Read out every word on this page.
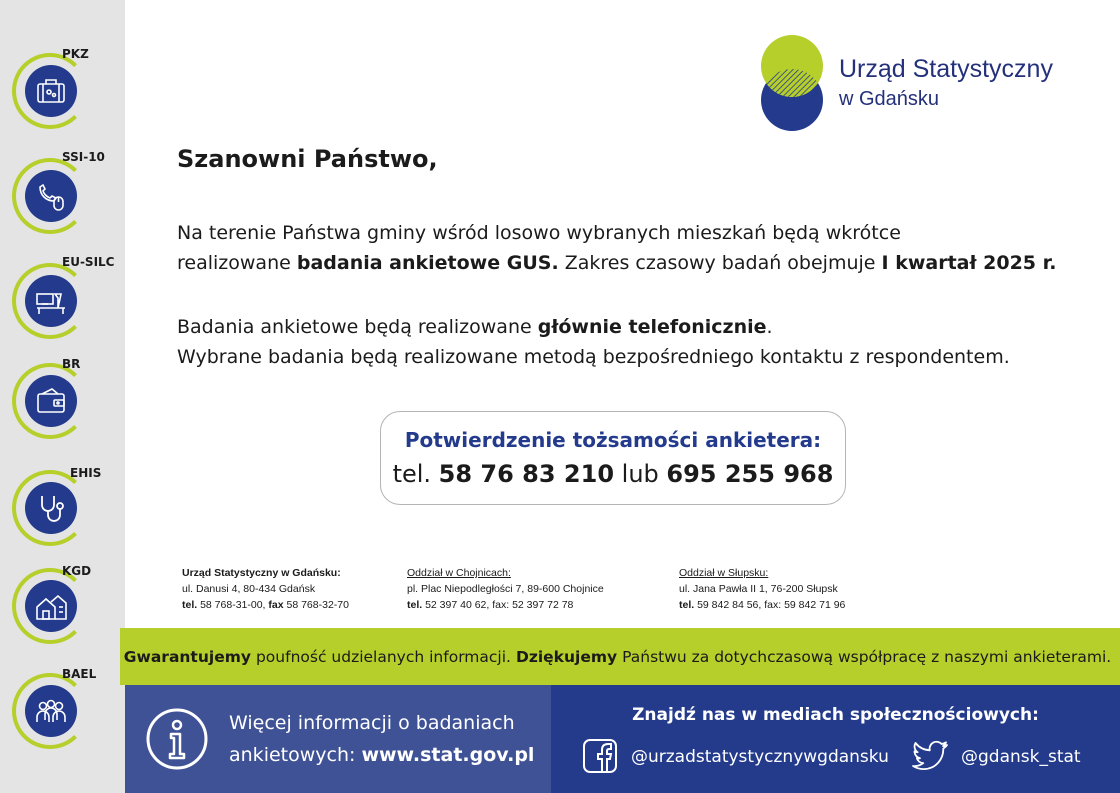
PKZ
SSI-10
EU-SILC
BR
EHIS
KGD
BAEL
Urząd Statystyczny
w Gdańsku
Szanowni Państwo,
Na terenie Państwa gminy wśród losowo wybranych mieszkań będą wkrótce
realizowane badania ankietowe GUS. Zakres czasowy badań obejmuje I kwartał 2025 r.
Badania ankietowe będą realizowane głównie telefonicznie.
Wybrane badania będą realizowane metodą bezpośredniego kontaktu z respondentem.
Potwierdzenie tożsamości ankietera:
tel. 58 76 83 210 lub 695 255 968
Urząd Statystyczny w Gdańsku:
ul. Danusi 4, 80-434 Gdańsk
tel. 58 768-31-00, fax 58 768-32-70
Oddział w Chojnicach:
pl. Plac Niepodległości 7, 89-600 Chojnice
tel. 52 397 40 62, fax: 52 397 72 78
Oddział w Słupsku:
ul. Jana Pawła II 1, 76-200 Słupsk
tel. 59 842 84 56, fax: 59 842 71 96
Gwarantujemy poufność udzielanych informacji. Dziękujemy Państwu za dotychczasową współpracę z naszymi ankieterami.
Więcej informacji o badaniach
ankietowych: www.stat.gov.pl
Znajdź nas w mediach społecznościowych:
@urzadstatystycznywgdansku	@gdansk_stat
